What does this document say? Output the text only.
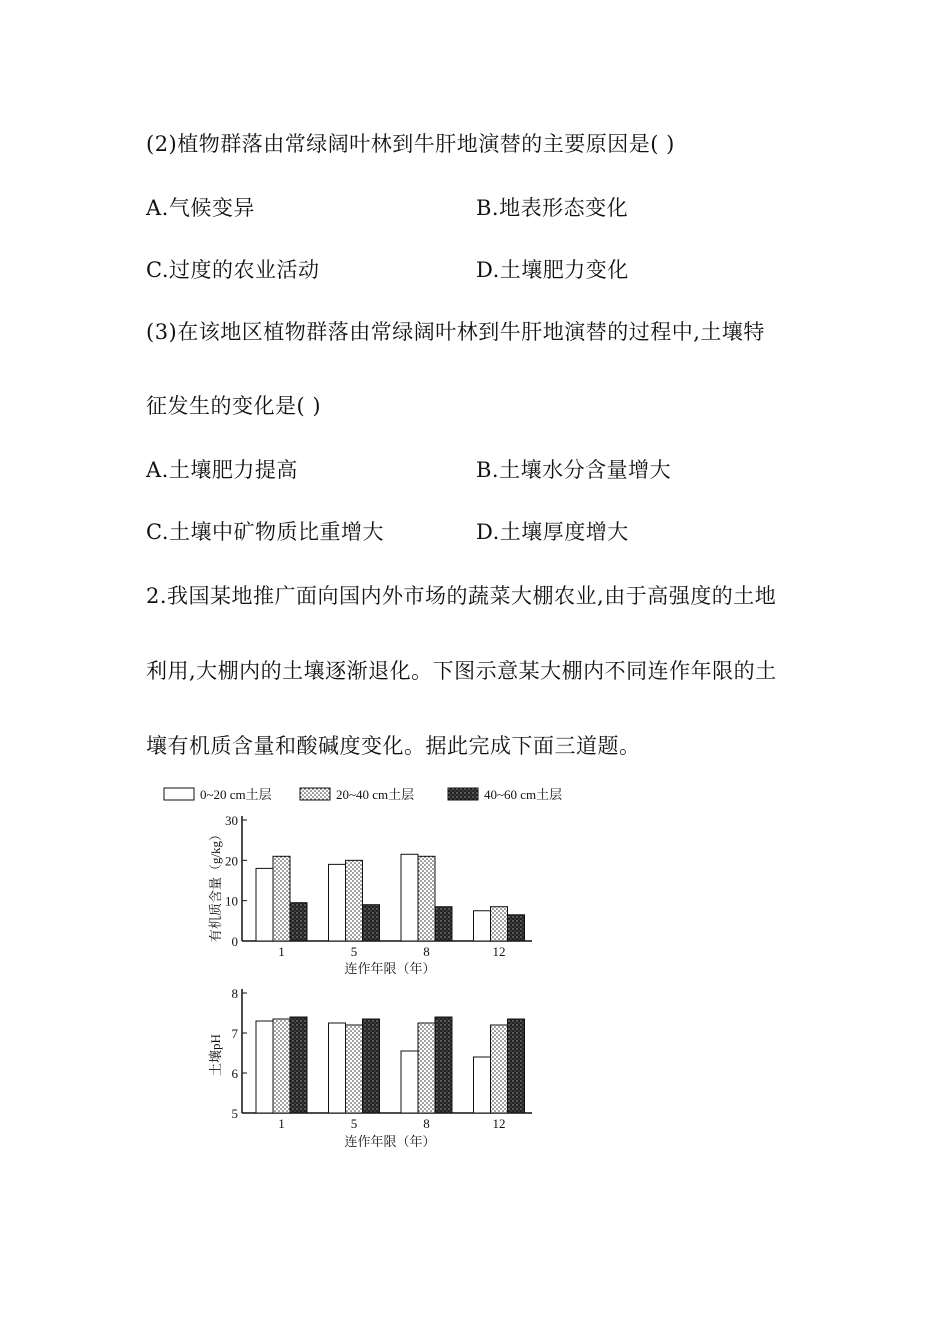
(2)植物群落由常绿阔叶林到牛肝地演替的主要原因是( )
A.气候变异	B.地表形态变化
C.过度的农业活动	D.土壤肥力变化
(3)在该地区植物群落由常绿阔叶林到牛肝地演替的过程中,土壤特
征发生的变化是( )
A.土壤肥力提高	B.土壤水分含量增大
C.土壤中矿物质比重增大	D.土壤厚度增大
2.我国某地推广面向国内外市场的蔬菜大棚农业,由于高强度的土地
利用,大棚内的土壤逐渐退化。下图示意某大棚内不同连作年限的土
壤有机质含量和酸碱度变化。据此完成下面三道题。
0~20 cm土层	20~40 cm土层	40~60 cm土层
有机质含量（g/kg）
连作年限（年）
0
10
20
30
1	5	8	12
土壤pH
连作年限（年）
5
6
7
8
1	5	8	12
